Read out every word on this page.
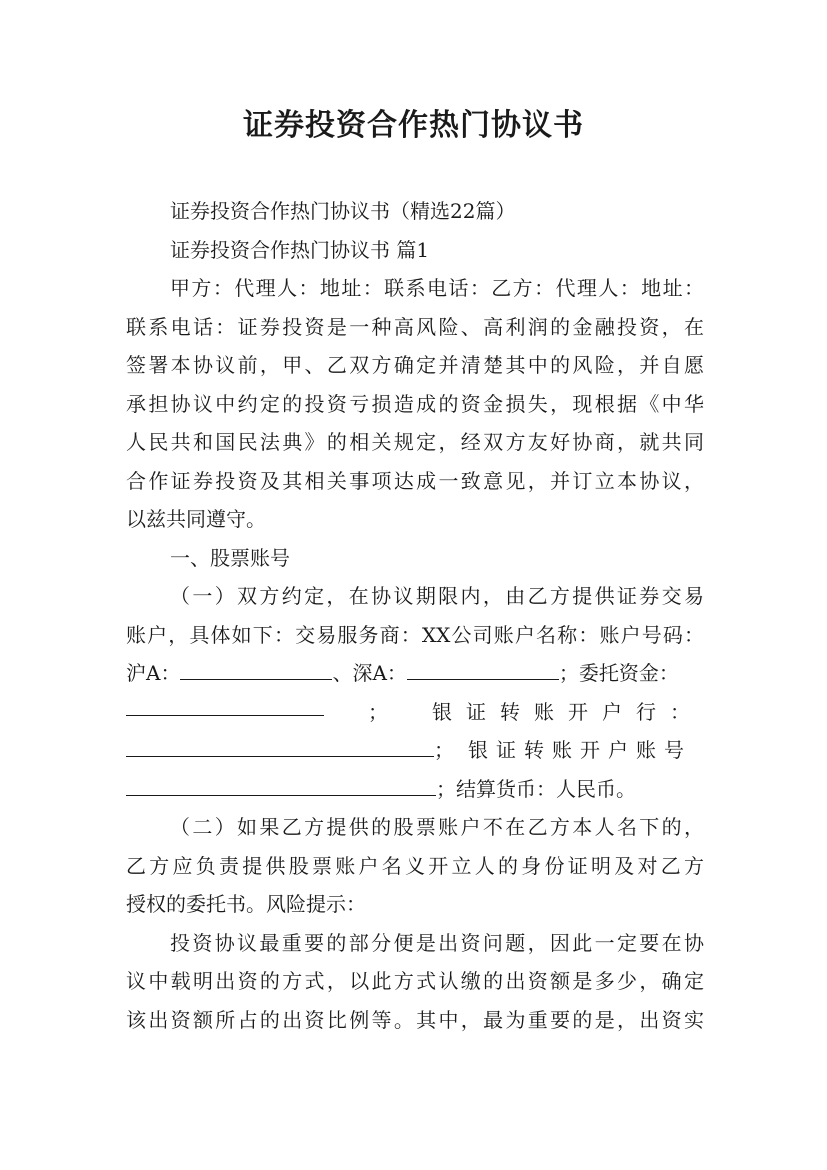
证券投资合作热门协议书
证券投资合作热门协议书（精选22篇）
证券投资合作热门协议书 篇1
甲方：代理人：地址：联系电话：乙方：代理人：地址：
联系电话：证券投资是一种高风险、高利润的金融投资，在
签署本协议前，甲、乙双方确定并清楚其中的风险，并自愿
承担协议中约定的投资亏损造成的资金损失，现根据《中华
人民共和国民法典》的相关规定，经双方友好协商，就共同
合作证券投资及其相关事项达成一致意见，并订立本协议，
以兹共同遵守。
一、股票账号
（一）双方约定，在协议期限内，由乙方提供证券交易
账户，具体如下：交易服务商：XX公司账户名称：账户号码：
沪A：	、深A：	；委托资金：
； 银证转账开户行：
； 银证转账开户账号
；结算货币：人民币。
（二）如果乙方提供的股票账户不在乙方本人名下的，
乙方应负责提供股票账户名义开立人的身份证明及对乙方
授权的委托书。风险提示：
投资协议最重要的部分便是出资问题，因此一定要在协
议中载明出资的方式，以此方式认缴的出资额是多少，确定
该出资额所占的出资比例等。其中，最为重要的是，出资实
